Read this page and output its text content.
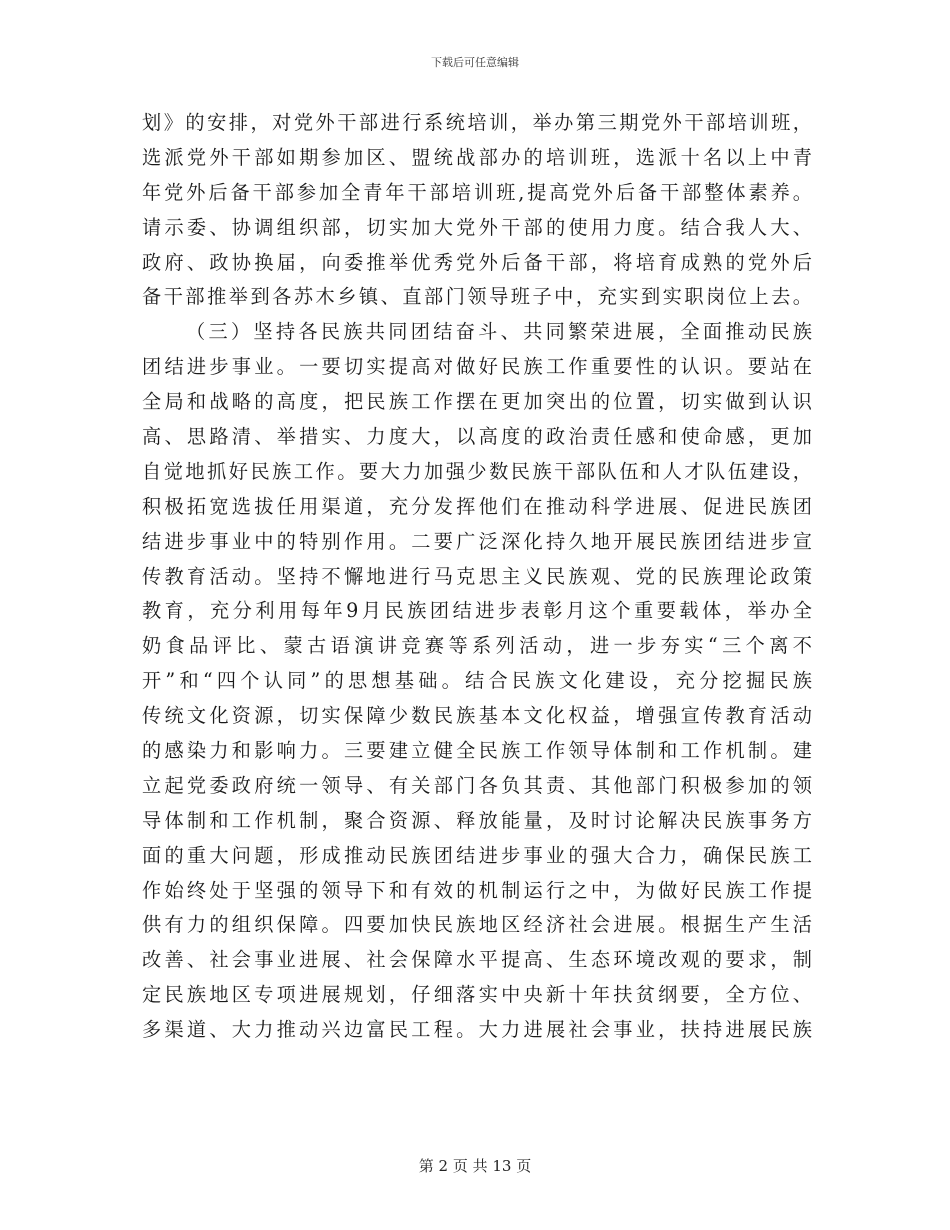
下载后可任意编辑
划》的安排，对党外干部进行系统培训，举办第三期党外干部培训班，
选派党外干部如期参加区、盟统战部办的培训班，选派十名以上中青
年党外后备干部参加全青年干部培训班,提高党外后备干部整体素养。
请示委、协调组织部，切实加大党外干部的使用力度。结合我人大、
政府、政协换届，向委推举优秀党外后备干部，将培育成熟的党外后
备干部推举到各苏木乡镇、直部门领导班子中，充实到实职岗位上去。
（三）坚持各民族共同团结奋斗、共同繁荣进展，全面推动民族
团结进步事业。一要切实提高对做好民族工作重要性的认识。要站在
全局和战略的高度，把民族工作摆在更加突出的位置，切实做到认识
高、思路清、举措实、力度大，以高度的政治责任感和使命感，更加
自觉地抓好民族工作。要大力加强少数民族干部队伍和人才队伍建设，
积极拓宽选拔任用渠道，充分发挥他们在推动科学进展、促进民族团
结进步事业中的特别作用。二要广泛深化持久地开展民族团结进步宣
传教育活动。坚持不懈地进行马克思主义民族观、党的民族理论政策
教育，充分利用每年9月民族团结进步表彰月这个重要载体，举办全
奶食品评比、蒙古语演讲竞赛等系列活动，进一步夯实“三个离不
开”和“四个认同”的思想基础。结合民族文化建设，充分挖掘民族
传统文化资源，切实保障少数民族基本文化权益，增强宣传教育活动
的感染力和影响力。三要建立健全民族工作领导体制和工作机制。建
立起党委政府统一领导、有关部门各负其责、其他部门积极参加的领
导体制和工作机制，聚合资源、释放能量，及时讨论解决民族事务方
面的重大问题，形成推动民族团结进步事业的强大合力，确保民族工
作始终处于坚强的领导下和有效的机制运行之中，为做好民族工作提
供有力的组织保障。四要加快民族地区经济社会进展。根据生产生活
改善、社会事业进展、社会保障水平提高、生态环境改观的要求，制
定民族地区专项进展规划，仔细落实中央新十年扶贫纲要，全方位、
多渠道、大力推动兴边富民工程。大力进展社会事业，扶持进展民族
第 2 页 共 13 页
